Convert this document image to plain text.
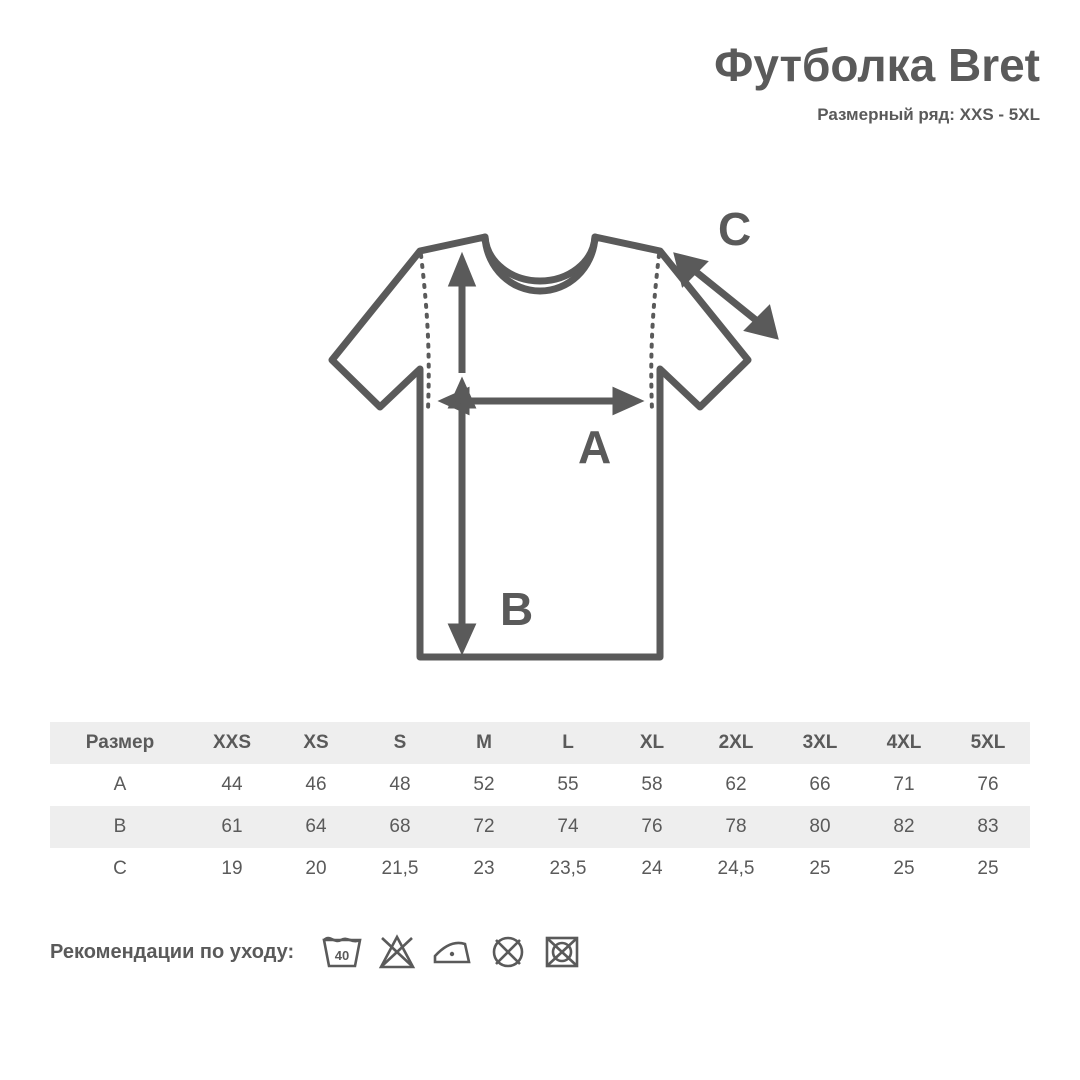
Футболка Bret
Размерный ряд: XXS - 5XL
B
A
C
Размер	XXS	XS	S	M	L	XL	2XL	3XL	4XL	5XL
A	44	46	48	52	55	58	62	66	71	76
B	61	64	68	72	74	76	78	80	82	83
C	19	20	21,5	23	23,5	24	24,5	25	25	25
Рекомендации по уходу:	40
